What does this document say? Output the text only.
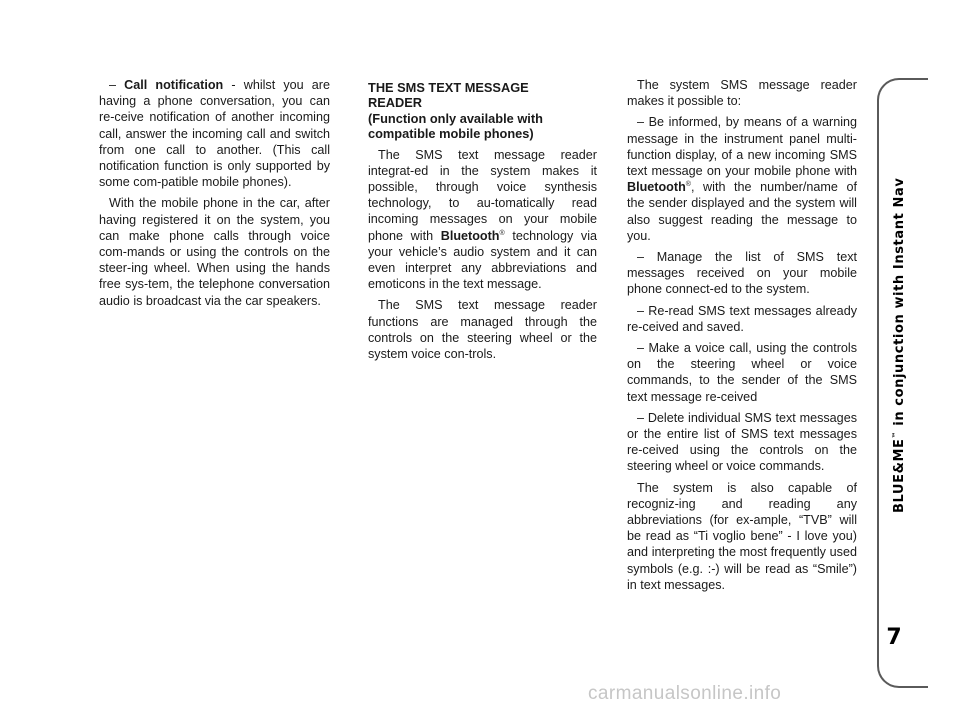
– Call notification - whilst you are having a phone conversation, you can re-ceive notification of another incoming call, answer the incoming call and switch from one call to another. (This call notification function is only supported by some com-patible mobile phones).

With the mobile phone in the car, after having registered it on the system, you can make phone calls through voice com-mands or using the controls on the steer-ing wheel. When using the hands free sys-tem, the telephone conversation audio is broadcast via the car speakers.

THE SMS TEXT MESSAGE
READER
(Function only available with
compatible mobile phones)

The SMS text message reader integrat-ed in the system makes it possible, through voice synthesis technology, to au-tomatically read incoming messages on your mobile phone with Bluetooth® technology via your vehicle’s audio system and it can even interpret any abbreviations and emoticons in the text message.

The SMS text message reader functions are managed through the controls on the steering wheel or the system voice con-trols.

The system SMS message reader makes it possible to:

– Be informed, by means of a warning message in the instrument panel multi-function display, of a new incoming SMS text message on your mobile phone with Bluetooth®, with the number/name of the sender displayed and the system will also suggest reading the message to you.

– Manage the list of SMS text messages received on your mobile phone connect-ed to the system.

– Re-read SMS text messages already re-ceived and saved.

– Make a voice call, using the controls on the steering wheel or voice commands, to the sender of the SMS text message re-ceived

– Delete individual SMS text messages or the entire list of SMS text messages re-ceived using the controls on the steering wheel or voice commands.

The system is also capable of recogniz-ing and reading any abbreviations (for ex-ample, “TVB” will be read as “Ti voglio bene” - I love you) and interpreting the most frequently used symbols (e.g. :-) will be read as “Smile”) in text messages.

BLUE&ME™ in conjunction with Instant Nav
7
carmanualsonline.info
